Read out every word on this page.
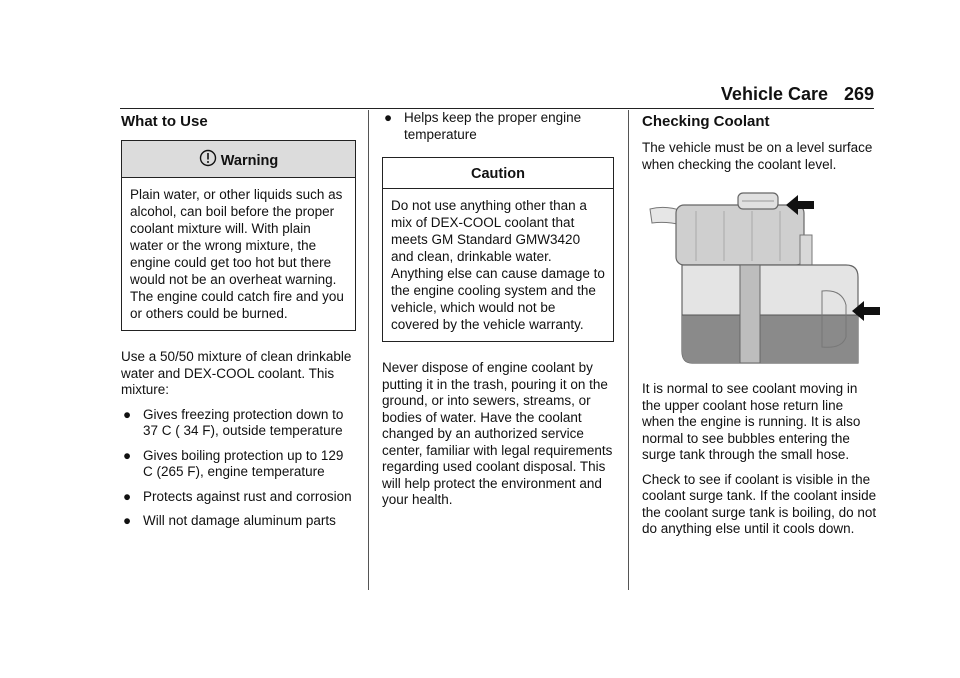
Vehicle Care 269
What to Use
Warning
Plain water, or other liquids such as alcohol, can boil before the proper coolant mixture will. With plain water or the wrong mixture, the engine could get too hot but there would not be an overheat warning. The engine could catch fire and you or others could be burned.

Use a 50/50 mixture of clean drinkable water and DEX-COOL coolant. This mixture:

● Gives freezing protection down to 37 C ( 34 F), outside temperature
● Gives boiling protection up to 129 C (265 F), engine temperature
● Protects against rust and corrosion
● Will not damage aluminum parts
● Helps keep the proper engine temperature
Caution
Do not use anything other than a mix of DEX-COOL coolant that meets GM Standard GMW3420 and clean, drinkable water. Anything else can cause damage to the engine cooling system and the vehicle, which would not be covered by the vehicle warranty.

Never dispose of engine coolant by putting it in the trash, pouring it on the ground, or into sewers, streams, or bodies of water. Have the coolant changed by an authorized service center, familiar with legal requirements regarding used coolant disposal. This will help protect the environment and your health.

Checking Coolant

The vehicle must be on a level surface when checking the coolant level.

It is normal to see coolant moving in the upper coolant hose return line when the engine is running. It is also normal to see bubbles entering the surge tank through the small hose.

Check to see if coolant is visible in the coolant surge tank. If the coolant inside the coolant surge tank is boiling, do not do anything else until it cools down.
